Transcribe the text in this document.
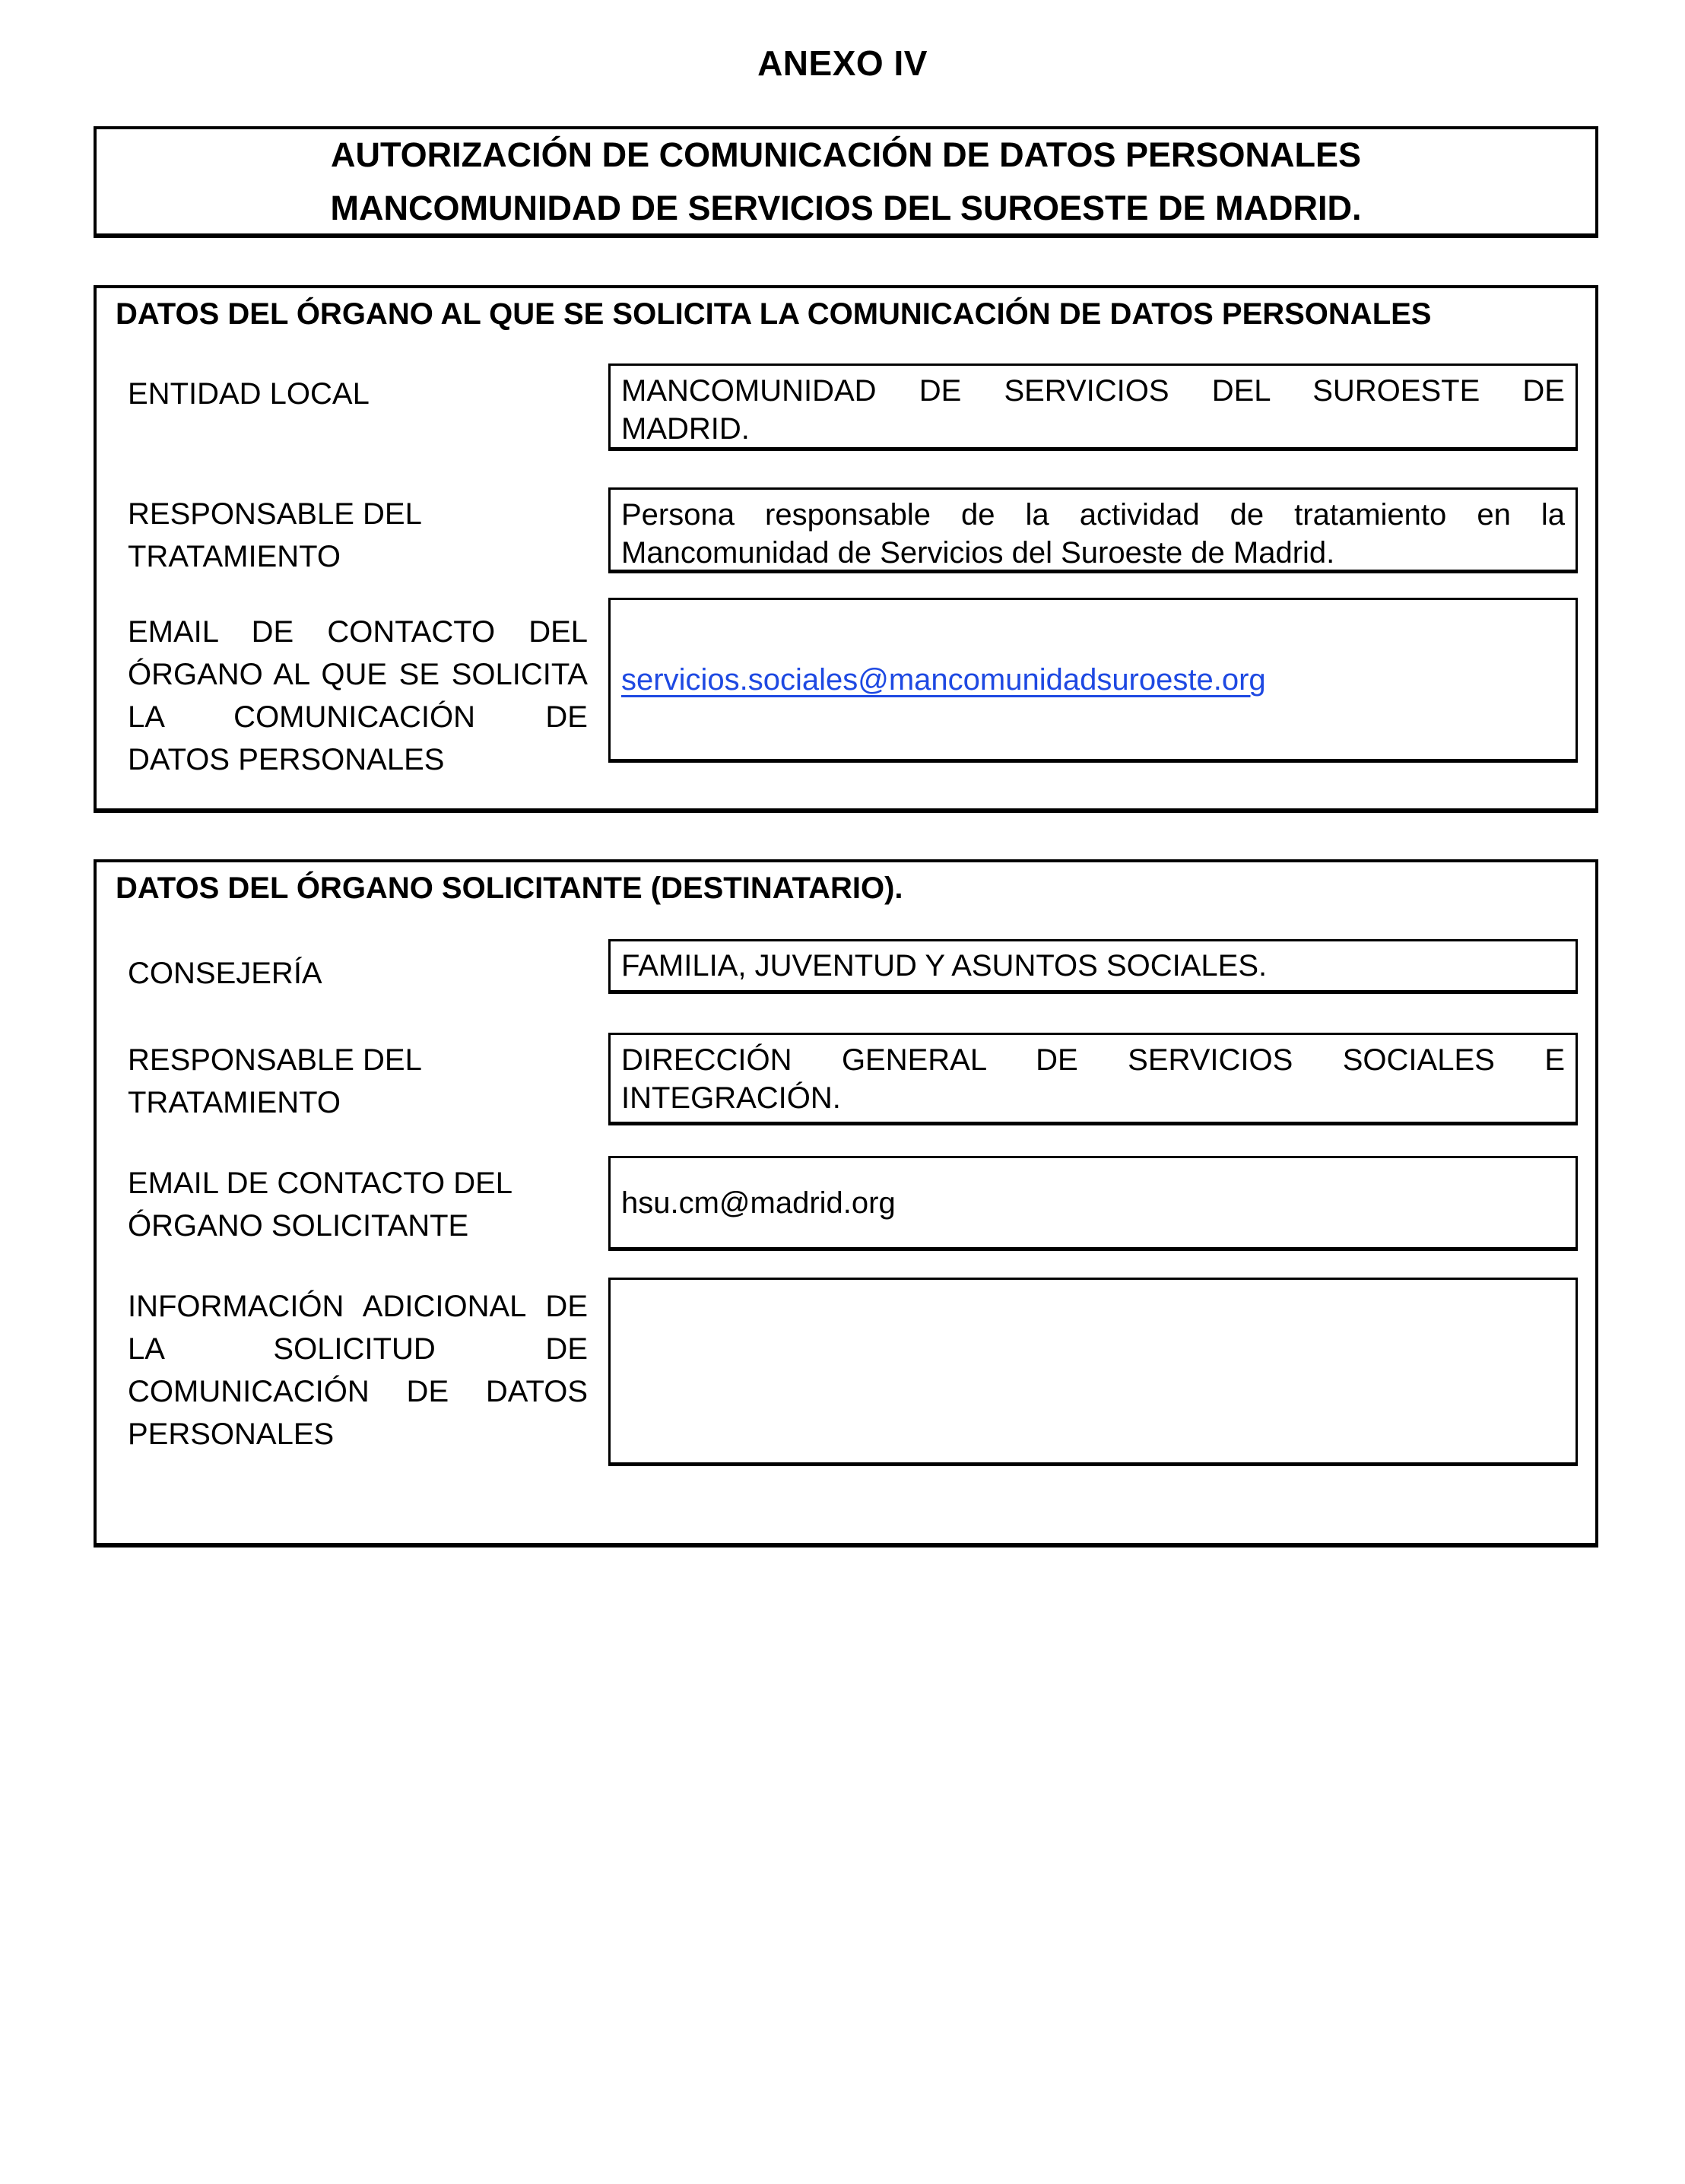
ANEXO IV
AUTORIZACIÓN DE COMUNICACIÓN DE DATOS PERSONALES
MANCOMUNIDAD DE SERVICIOS DEL SUROESTE DE MADRID.
DATOS DEL ÓRGANO AL QUE SE SOLICITA LA COMUNICACIÓN DE DATOS PERSONALES
ENTIDAD LOCAL	MANCOMUNIDAD DE SERVICIOS DEL SUROESTE DE
MADRID.
RESPONSABLE DEL
TRATAMIENTO
Persona responsable de la actividad de tratamiento en la
Mancomunidad de Servicios del Suroeste de Madrid.
EMAIL DE CONTACTO DEL
ÓRGANO AL QUE SE SOLICITA
LA COMUNICACIÓN DE
DATOS PERSONALES
servicios.sociales@mancomunidadsuroeste.org
DATOS DEL ÓRGANO SOLICITANTE (DESTINATARIO).
CONSEJERÍA	FAMILIA, JUVENTUD Y ASUNTOS SOCIALES.
RESPONSABLE DEL
TRATAMIENTO
DIRECCIÓN GENERAL DE SERVICIOS SOCIALES E
INTEGRACIÓN.
EMAIL DE CONTACTO DEL
ÓRGANO SOLICITANTE
hsu.cm@madrid.org
INFORMACIÓN ADICIONAL DE
LA SOLICITUD DE
COMUNICACIÓN DE DATOS
PERSONALES
